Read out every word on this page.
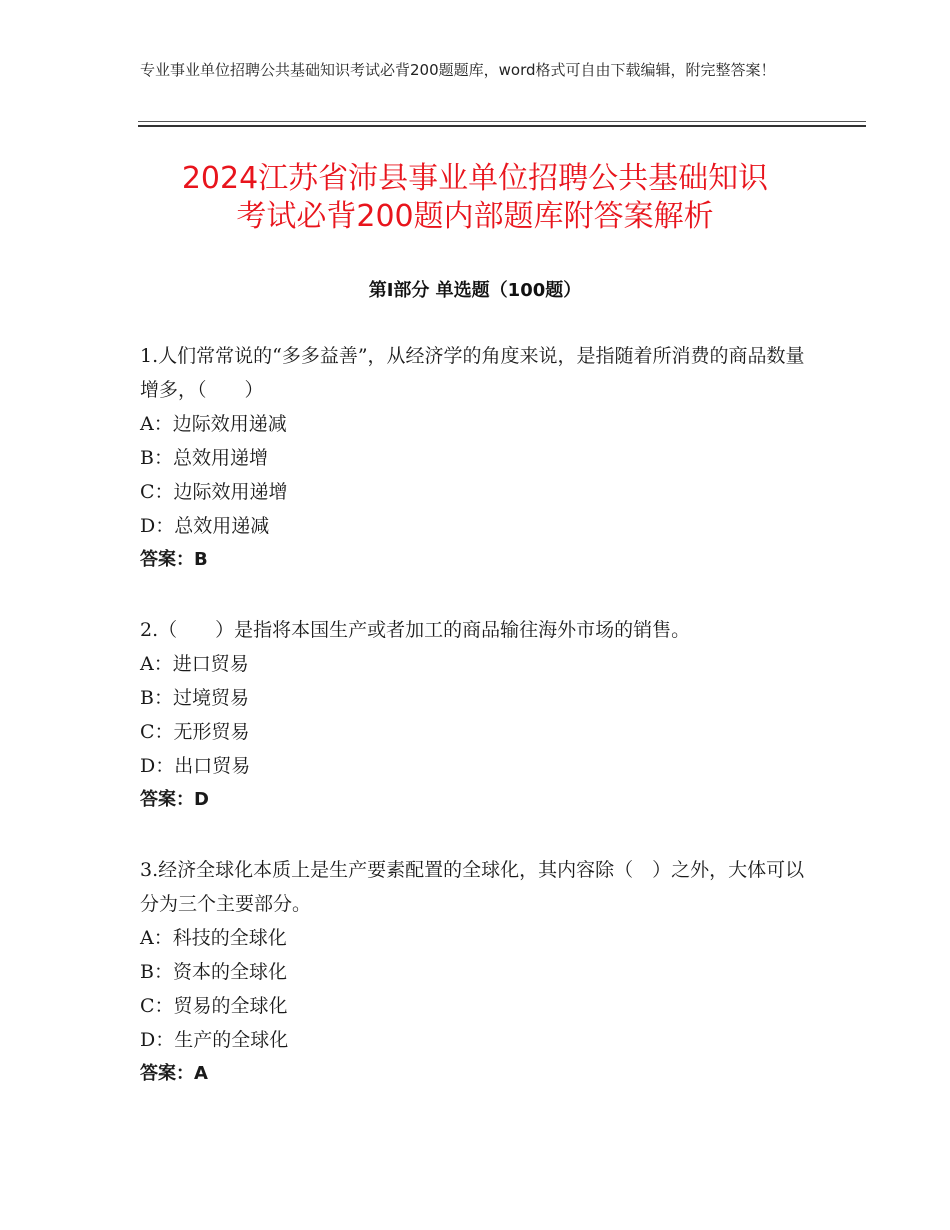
专业事业单位招聘公共基础知识考试必背200题题库，word格式可自由下载编辑，附完整答案！
2024江苏省沛县事业单位招聘公共基础知识
考试必背200题内部题库附答案解析
第Ⅰ部分 单选题（100题）

1.人们常常说的“多多益善”，从经济学的角度来说，是指随着所消费的商品数量增多，（　　）

A：边际效用递减

B：总效用递增

C：边际效用递增

D：总效用递减

答案：B

2.（　　）是指将本国生产或者加工的商品输往海外市场的销售。

A：进口贸易

B：过境贸易

C：无形贸易

D：出口贸易

答案：D

3.经济全球化本质上是生产要素配置的全球化，其内容除（　）之外，大体可以分为三个主要部分。

A：科技的全球化

B：资本的全球化

C：贸易的全球化

D：生产的全球化

答案：A
